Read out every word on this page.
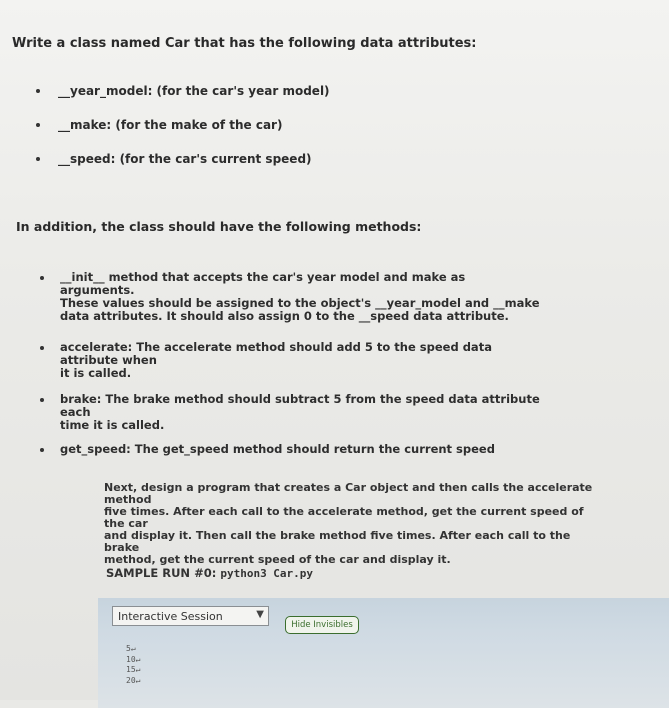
Write a class named Car that has the following data attributes:
__year_model: (for the car's year model)
__make: (for the make of the car)
__speed: (for the car's current speed)
In addition, the class should have the following methods:
__init__ method that accepts the car's year model and make as arguments.
These values should be assigned to the object's __year_model and __make
data attributes. It should also assign 0 to the __speed data attribute.
accelerate: The accelerate method should add 5 to the speed data attribute when
it is called.
brake: The brake method should subtract 5 from the speed data attribute each
time it is called.
get_speed: The get_speed method should return the current speed
Next, design a program that creates a Car object and then calls the accelerate method
five times. After each call to the accelerate method, get the current speed of the car
and display it. Then call the brake method five times. After each call to the brake
method, get the current speed of the car and display it.
SAMPLE RUN #0: python3 Car.py
Interactive Session	▼
Hide Invisibles
5↵
10↵
15↵
20↵
